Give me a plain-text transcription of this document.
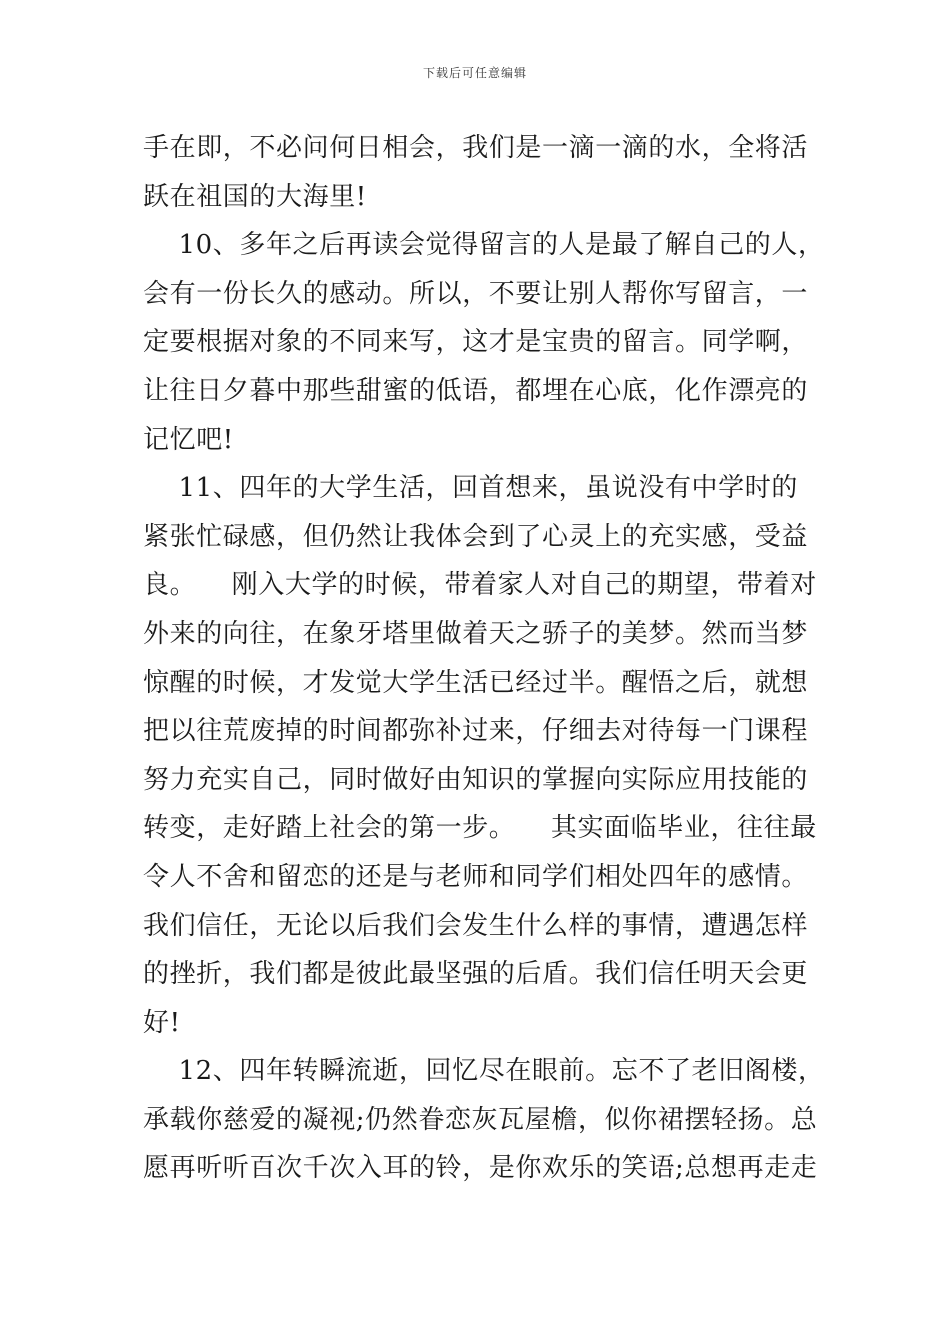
下载后可任意编辑
手在即，不必问何日相会，我们是一滴一滴的水，全将活
跃在祖国的大海里!
10、多年之后再读会觉得留言的人是最了解自己的人，
会有一份长久的感动。所以，不要让别人帮你写留言，一
定要根据对象的不同来写，这才是宝贵的留言。同学啊，
让往日夕暮中那些甜蜜的低语，都埋在心底，化作漂亮的
记忆吧!
11、四年的大学生活，回首想来，虽说没有中学时的
紧张忙碌感，但仍然让我体会到了心灵上的充实感，受益
良。    刚入大学的时候，带着家人对自己的期望，带着对
外来的向往，在象牙塔里做着天之骄子的美梦。然而当梦
惊醒的时候，才发觉大学生活已经过半。醒悟之后，就想
把以往荒废掉的时间都弥补过来，仔细去对待每一门课程
努力充实自己，同时做好由知识的掌握向实际应用技能的
转变，走好踏上社会的第一步。    其实面临毕业，往往最
令人不舍和留恋的还是与老师和同学们相处四年的感情。
我们信任，无论以后我们会发生什么样的事情，遭遇怎样
的挫折，我们都是彼此最坚强的后盾。我们信任明天会更
好!
12、四年转瞬流逝，回忆尽在眼前。忘不了老旧阁楼，
承载你慈爱的凝视;仍然眷恋灰瓦屋檐，似你裙摆轻扬。总
愿再听听百次千次入耳的铃，是你欢乐的笑语;总想再走走
